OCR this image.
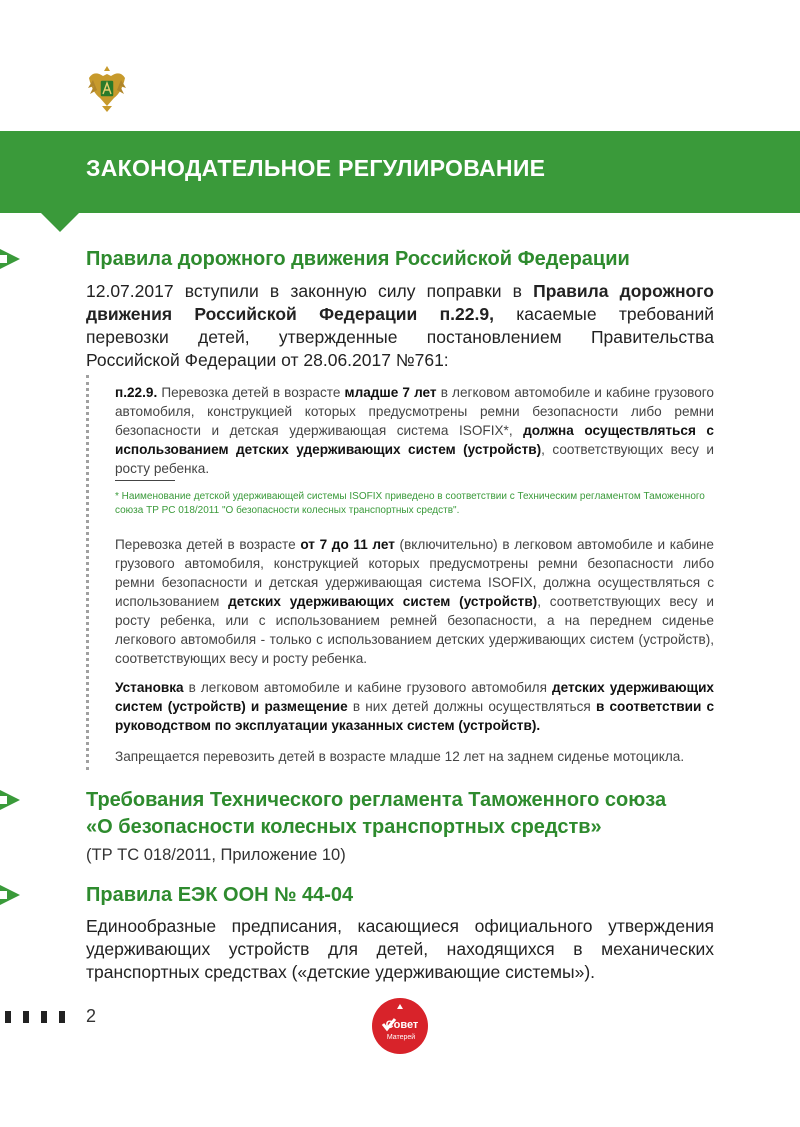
ЗАКОНОДАТЕЛЬНОЕ РЕГУЛИРОВАНИЕ
Правила дорожного движения Российской Федерации
12.07.2017 вступили в законную силу поправки в Правила дорожного движения Российской Федерации п.22.9, касаемые требований перевозки детей, утвержденные постановлением Правительства Российской Федерации от 28.06.2017 №761:
п.22.9. Перевозка детей в возрасте младше 7 лет в легковом автомобиле и кабине грузового автомобиля, конструкцией которых предусмотрены ремни безопасности либо ремни безопасности и детская удерживающая система ISOFIX*, должна осуществляться с использованием детских удерживающих систем (устройств), соответствующих весу и росту ребенка.
* Наименование детской удерживающей системы ISOFIX приведено в соответствии с Техническим регламентом Таможенного союза ТР РС 018/2011 "О безопасности колесных транспортных средств".
Перевозка детей в возрасте от 7 до 11 лет (включительно) в легковом автомобиле и кабине грузового автомобиля, конструкцией которых предусмотрены ремни безопасности либо ремни безопасности и детская удерживающая система ISOFIX, должна осуществляться с использованием детских удерживающих систем (устройств), соответствующих весу и росту ребенка, или с использованием ремней безопасности, а на переднем сиденье легкового автомобиля - только с использованием детских удерживающих систем (устройств), соответствующих весу и росту ребенка.
Установка в легковом автомобиле и кабине грузового автомобиля детских удерживающих систем (устройств) и размещение в них детей должны осуществляться в соответствии с руководством по эксплуатации указанных систем (устройств).
Запрещается перевозить детей в возрасте младше 12 лет на заднем сиденье мотоцикла.
Требования Технического регламента Таможенного союза
«О безопасности колесных транспортных средств»
(ТР ТС 018/2011, Приложение 10)
Правила ЕЭК ООН № 44-04
Единообразные предписания, касающиеся официального утверждения удерживающих устройств для детей, находящихся в механических транспортных средствах («детские удерживающие системы»).
2	Совет
Матерей
